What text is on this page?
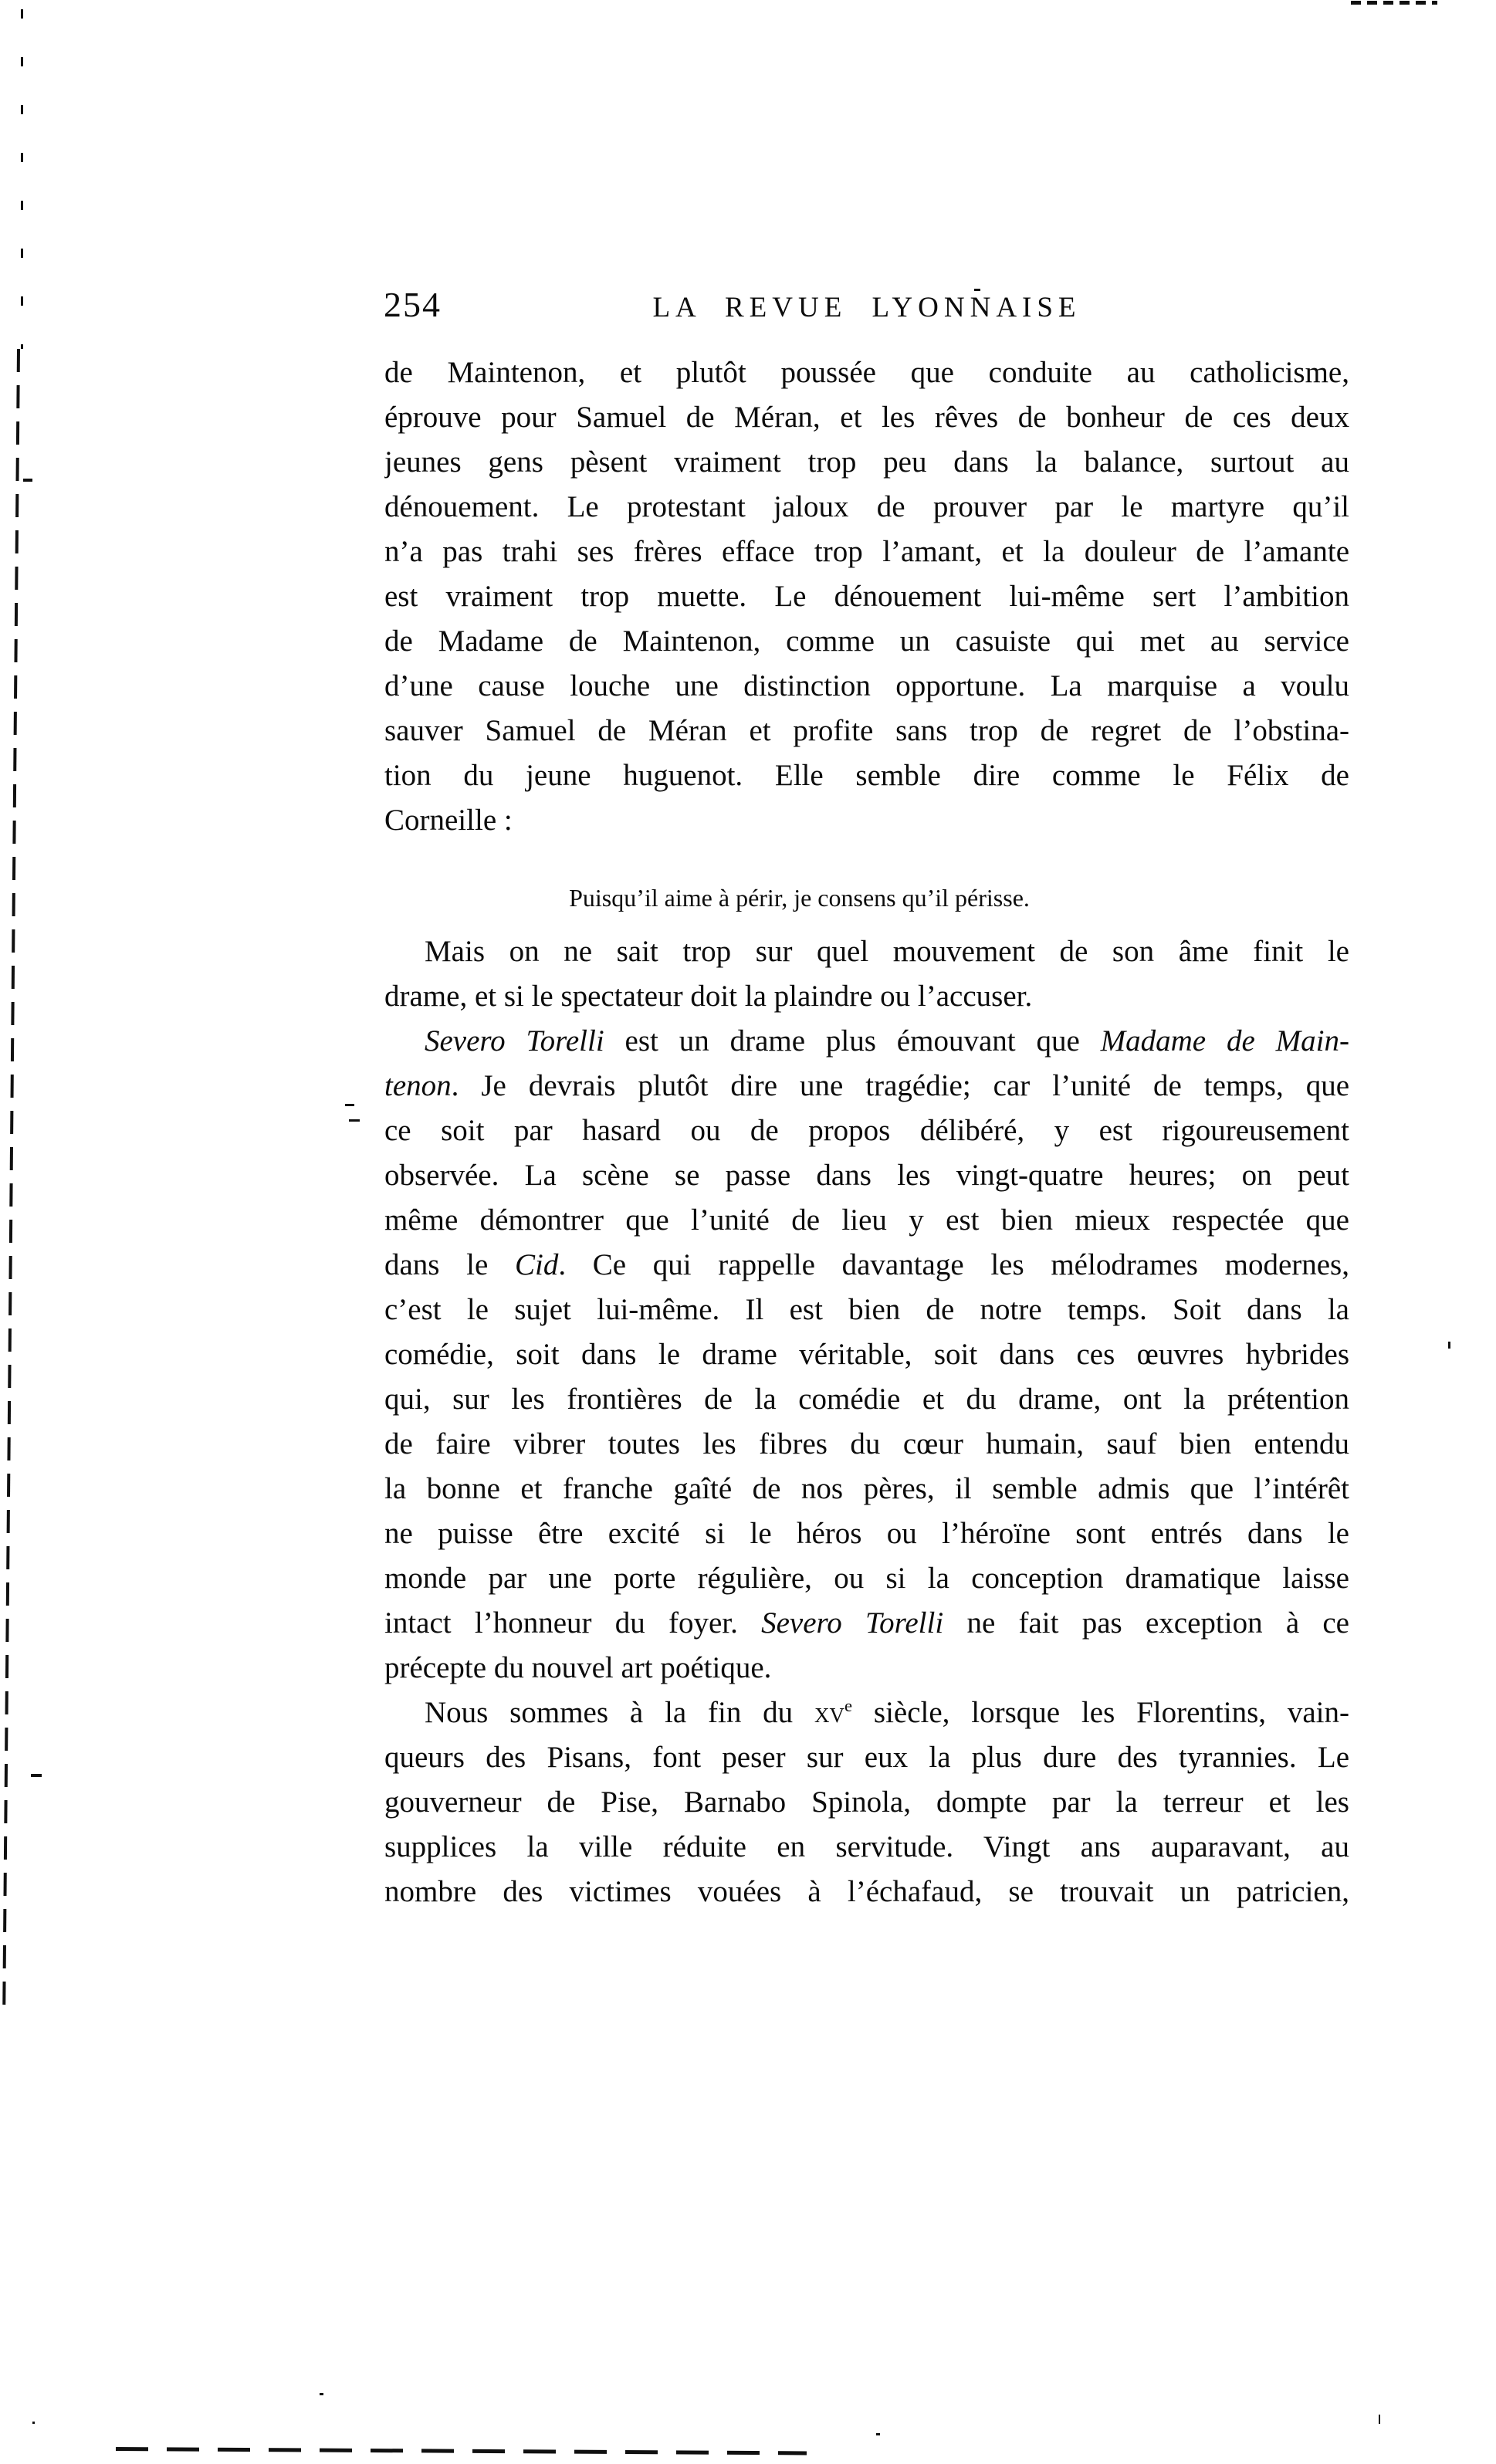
254	LA REVUE LYONNAISE
de Maintenon, et plutôt poussée que conduite au catholicisme,
éprouve pour Samuel de Méran, et les rêves de bonheur de ces deux
jeunes gens pèsent vraiment trop peu dans la balance, surtout au
dénouement. Le protestant jaloux de prouver par le martyre qu’il
n’a pas trahi ses frères efface trop l’amant, et la douleur de l’amante
est vraiment trop muette. Le dénouement lui-même sert l’ambition
de Madame de Maintenon, comme un casuiste qui met au service
d’une cause louche une distinction opportune. La marquise a voulu
sauver Samuel de Méran et profite sans trop de regret de l’obstina-
tion du jeune huguenot. Elle semble dire comme le Félix de
Corneille :
Puisqu’il aime à périr, je consens qu’il périsse.
Mais on ne sait trop sur quel mouvement de son âme finit le
drame, et si le spectateur doit la plaindre ou l’accuser.
Severo Torelli est un drame plus émouvant que Madame de Main-
tenon. Je devrais plutôt dire une tragédie; car l’unité de temps, que
ce soit par hasard ou de propos délibéré, y est rigoureusement
observée. La scène se passe dans les vingt-quatre heures; on peut
même démontrer que l’unité de lieu y est bien mieux respectée que
dans le Cid. Ce qui rappelle davantage les mélodrames modernes,
c’est le sujet lui-même. Il est bien de notre temps. Soit dans la
comédie, soit dans le drame véritable, soit dans ces œuvres hybrides
qui, sur les frontières de la comédie et du drame, ont la prétention
de faire vibrer toutes les fibres du cœur humain, sauf bien entendu
la bonne et franche gaîté de nos pères, il semble admis que l’intérêt
ne puisse être excité si le héros ou l’héroïne sont entrés dans le
monde par une porte régulière, ou si la conception dramatique laisse
intact l’honneur du foyer. Severo Torelli ne fait pas exception à ce
précepte du nouvel art poétique.
Nous sommes à la fin du $xv^e$ siècle, lorsque les Florentins, vain-
queurs des Pisans, font peser sur eux la plus dure des tyrannies. Le
gouverneur de Pise, Barnabo Spinola, dompte par la terreur et les
supplices la ville réduite en servitude. Vingt ans auparavant, au
nombre des victimes vouées à l’échafaud, se trouvait un patricien,
